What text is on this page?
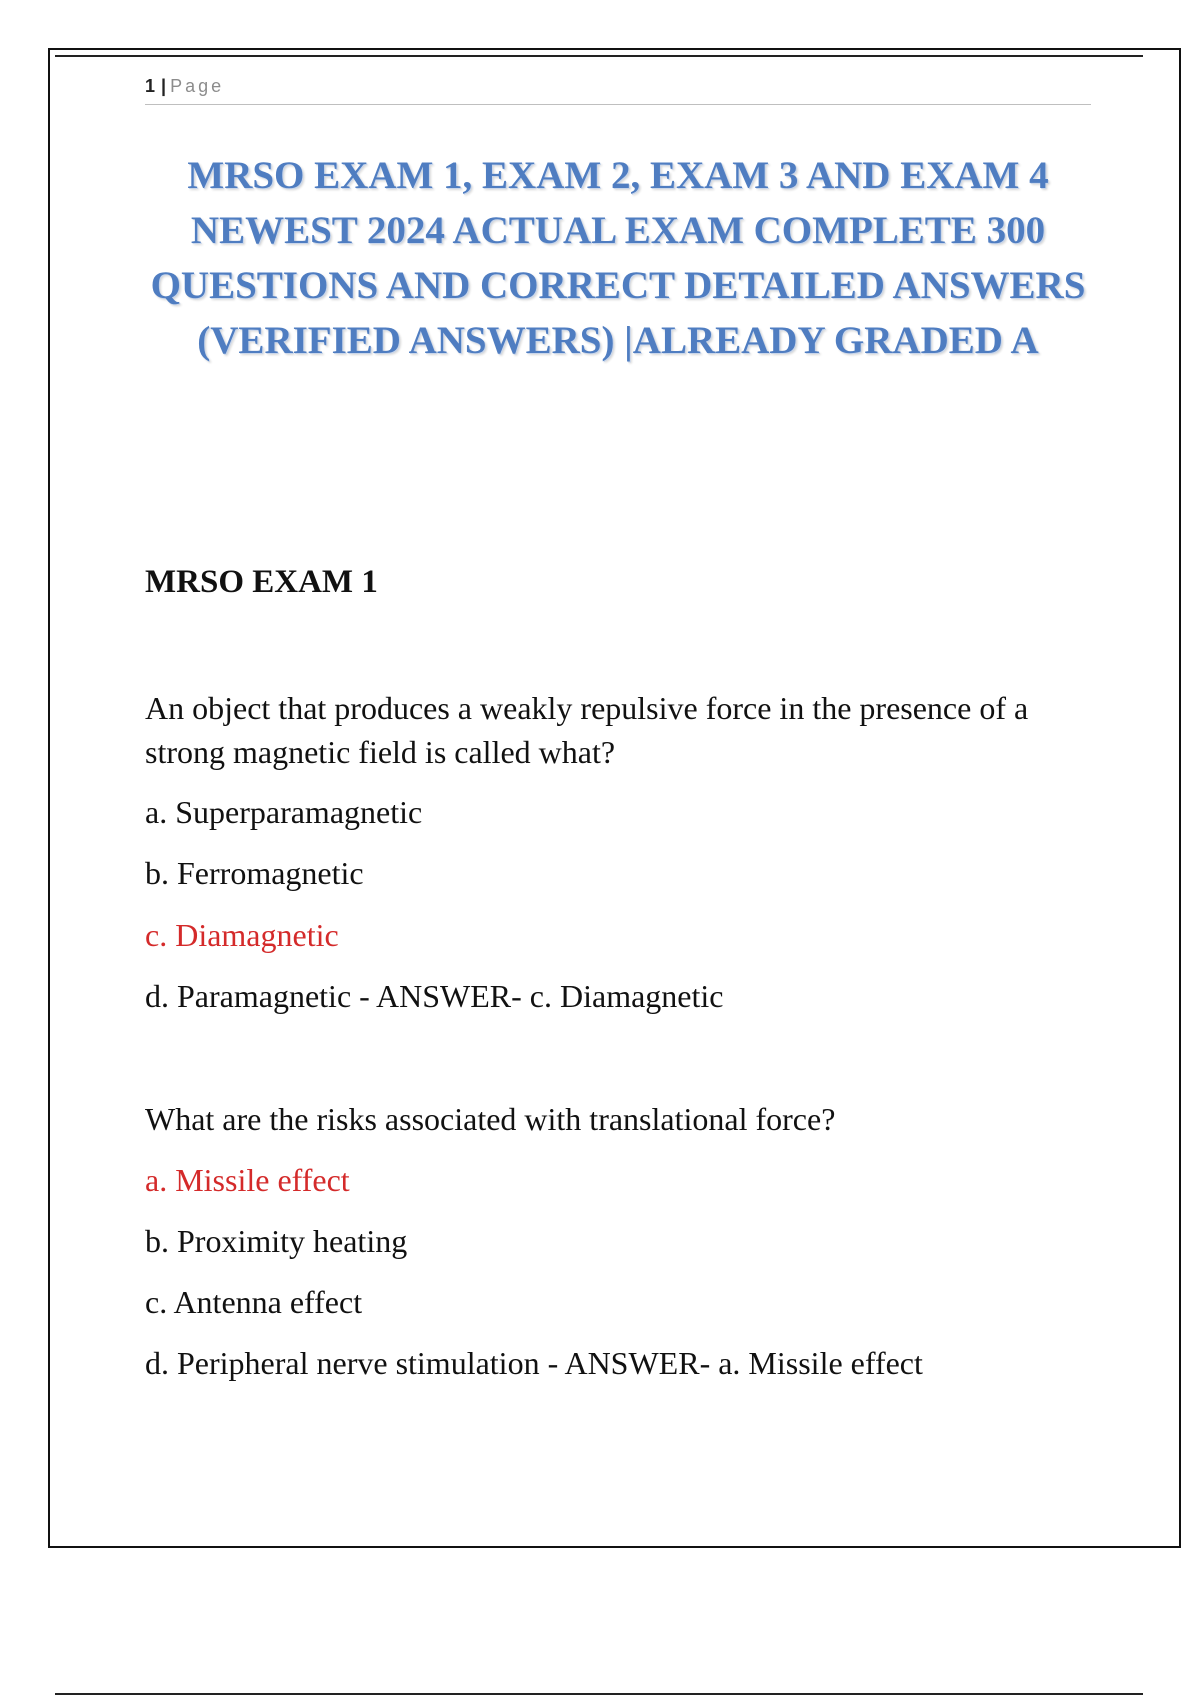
1 | Page
MRSO EXAM 1, EXAM 2, EXAM 3 AND EXAM 4 NEWEST 2024 ACTUAL EXAM COMPLETE 300 QUESTIONS AND CORRECT DETAILED ANSWERS (VERIFIED ANSWERS) |ALREADY GRADED A
MRSO EXAM 1

An object that produces a weakly repulsive force in the presence of a strong magnetic field is called what?

a. Superparamagnetic

b. Ferromagnetic

c. Diamagnetic

d. Paramagnetic - ANSWER- c. Diamagnetic

What are the risks associated with translational force?

a. Missile effect

b. Proximity heating

c. Antenna effect

d. Peripheral nerve stimulation - ANSWER- a. Missile effect
